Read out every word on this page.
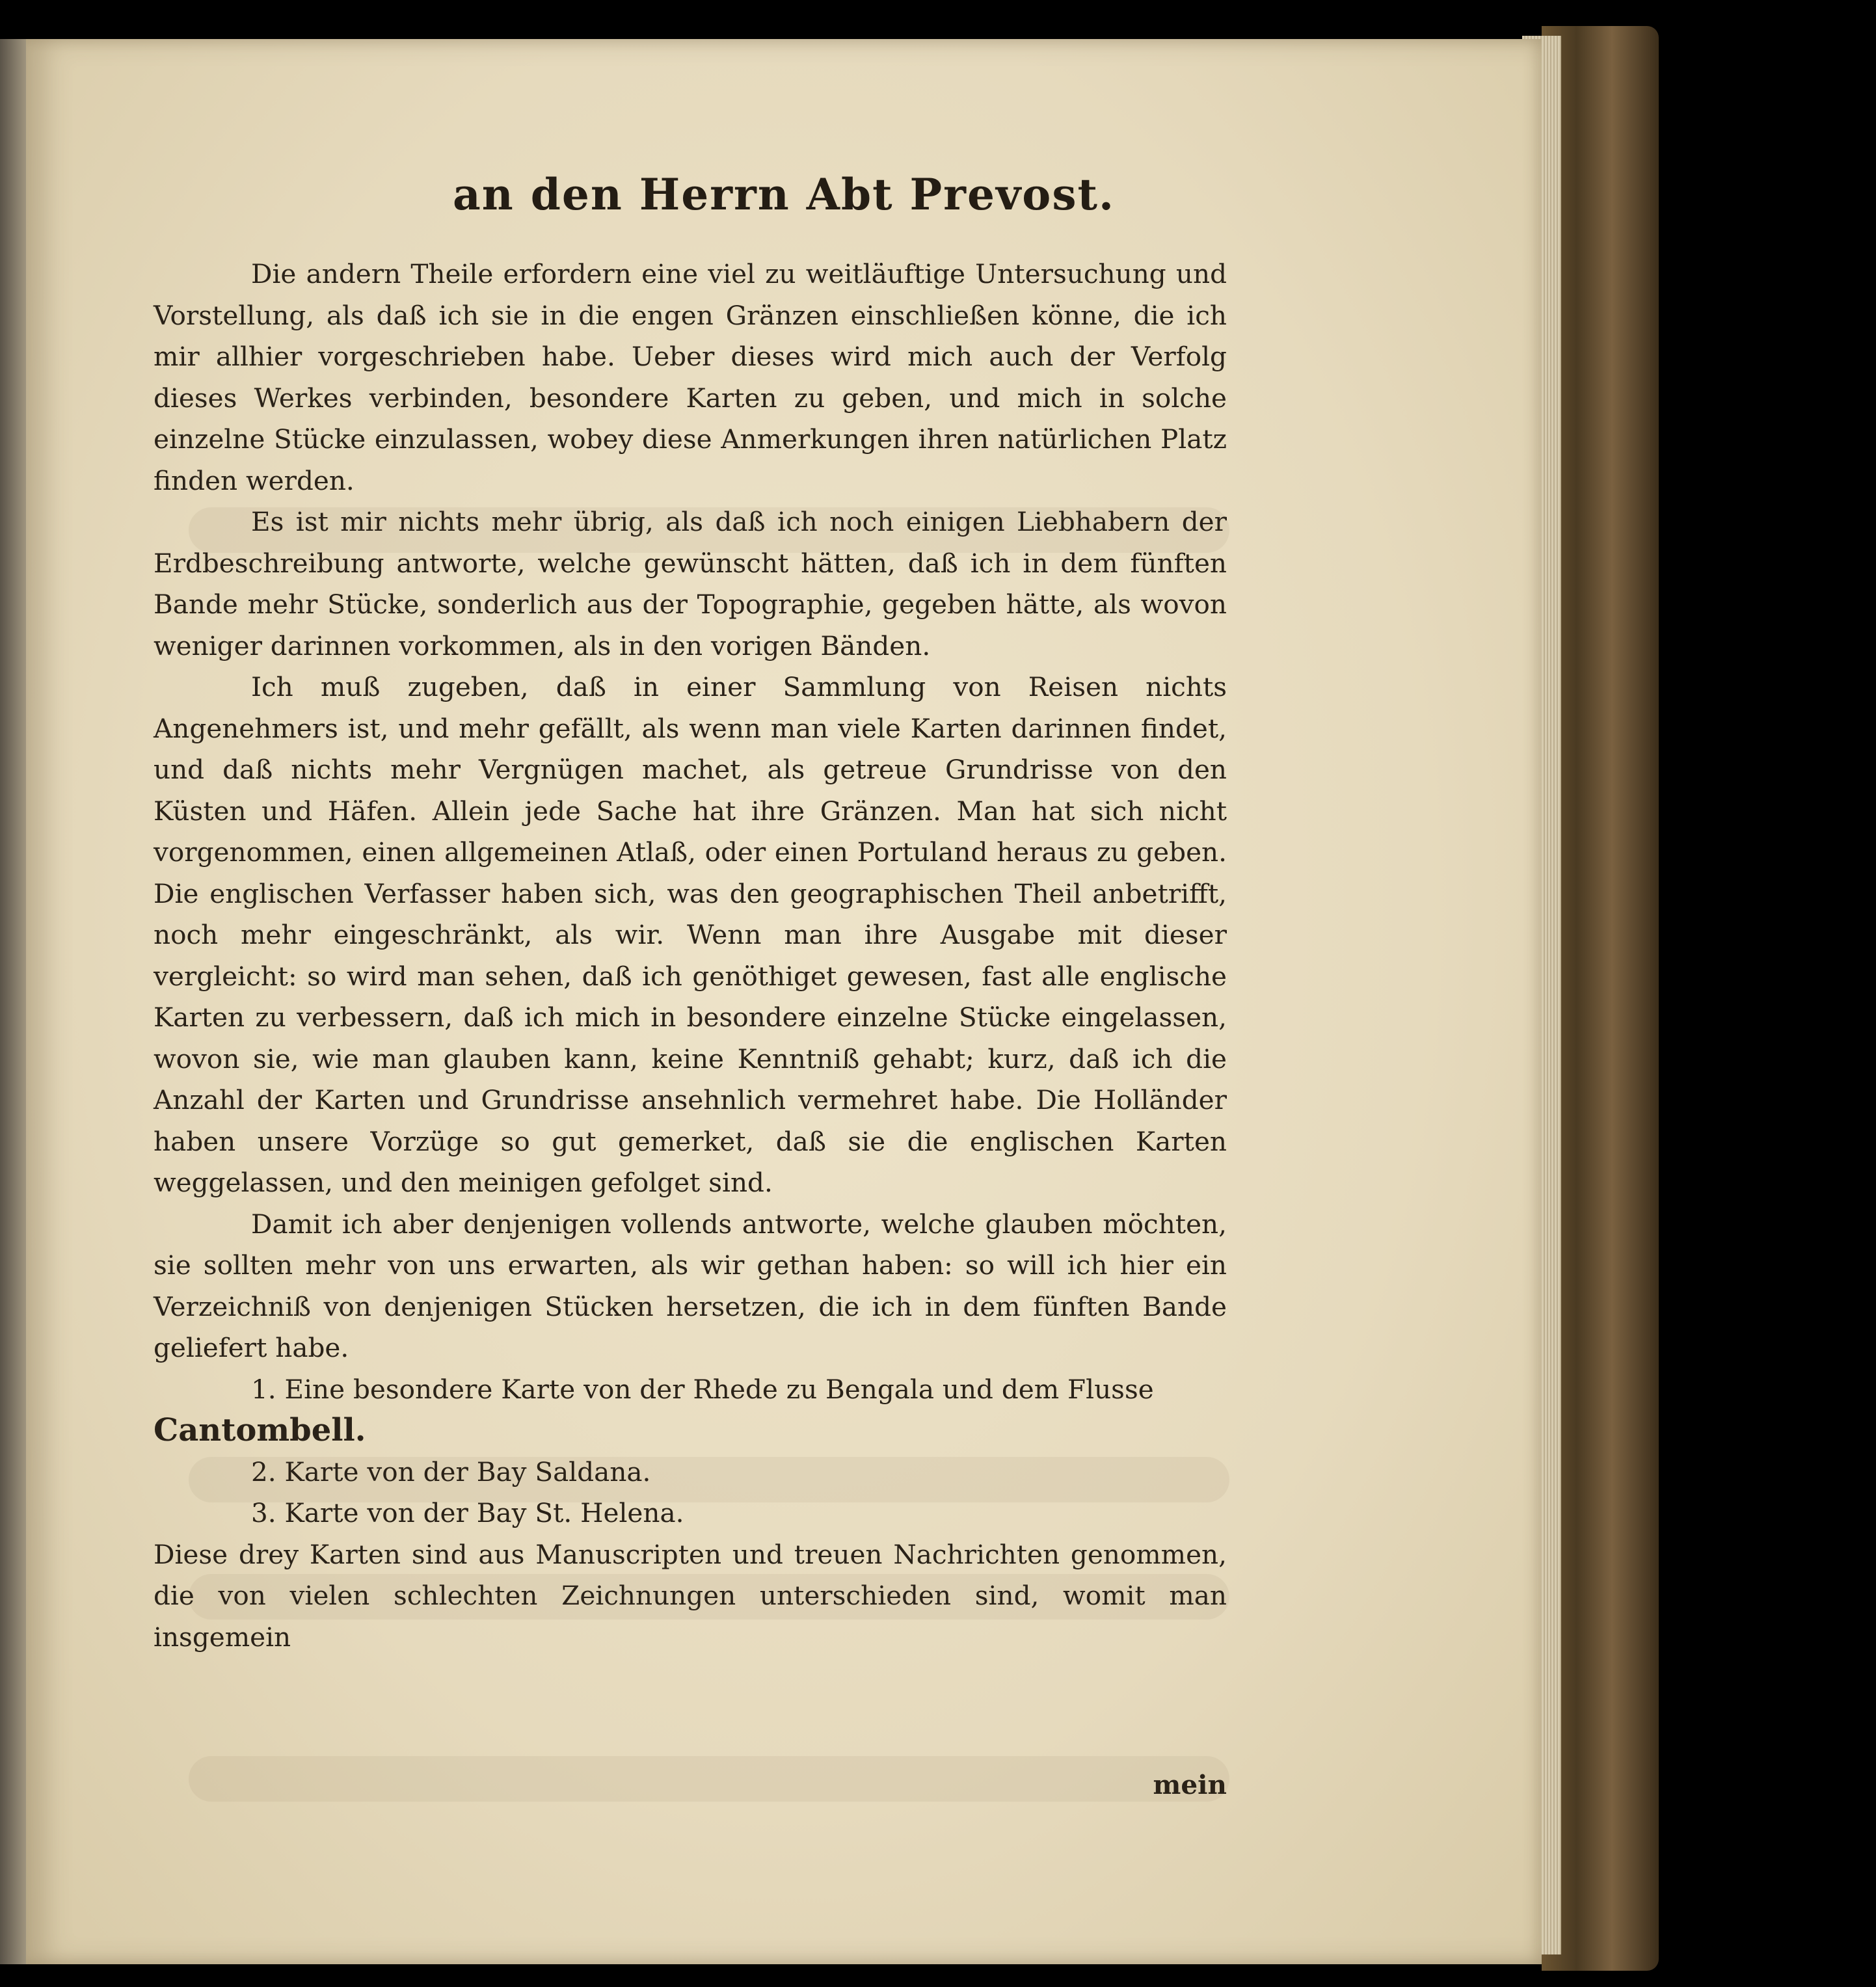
an den Herrn Abt Prevost.

Die andern Theile erfordern eine viel zu weitläuftige Untersuchung und Vorstellung, als daß ich sie in die engen Gränzen einschließen könne, die ich mir allhier vorgeschrieben habe. Ueber dieses wird mich auch der Verfolg dieses Werkes verbinden, besondere Karten zu geben, und mich in solche einzelne Stücke einzulassen, wobey diese Anmerkungen ihren natürlichen Platz finden werden.

Es ist mir nichts mehr übrig, als daß ich noch einigen Liebhabern der Erdbeschreibung antworte, welche gewünscht hätten, daß ich in dem fünften Bande mehr Stücke, sonderlich aus der Topographie, gegeben hätte, als wovon weniger darinnen vorkommen, als in den vorigen Bänden.

Ich muß zugeben, daß in einer Sammlung von Reisen nichts Angenehmers ist, und mehr gefällt, als wenn man viele Karten darinnen findet, und daß nichts mehr Vergnügen machet, als getreue Grundrisse von den Küsten und Häfen. Allein jede Sache hat ihre Gränzen. Man hat sich nicht vorgenommen, einen allgemeinen Atlaß, oder einen Portuland heraus zu geben. Die englischen Verfasser haben sich, was den geographischen Theil anbetrifft, noch mehr eingeschränkt, als wir. Wenn man ihre Ausgabe mit dieser vergleicht: so wird man sehen, daß ich genöthiget gewesen, fast alle englische Karten zu verbessern, daß ich mich in besondere einzelne Stücke eingelassen, wovon sie, wie man glauben kann, keine Kenntniß gehabt; kurz, daß ich die Anzahl der Karten und Grundrisse ansehnlich vermehret habe. Die Holländer haben unsere Vorzüge so gut gemerket, daß sie die englischen Karten weggelassen, und den meinigen gefolget sind.

Damit ich aber denjenigen vollends antworte, welche glauben möchten, sie sollten mehr von uns erwarten, als wir gethan haben: so will ich hier ein Verzeichniß von denjenigen Stücken hersetzen, die ich in dem fünften Bande geliefert habe.

1. Eine besondere Karte von der Rhede zu Bengala und dem Flusse

Cantombell.

2. Karte von der Bay Saldana.

3. Karte von der Bay St. Helena.

Diese drey Karten sind aus Manuscripten und treuen Nachrichten genommen, die von vielen schlechten Zeichnungen unterschieden sind, womit man insgemein

mein
